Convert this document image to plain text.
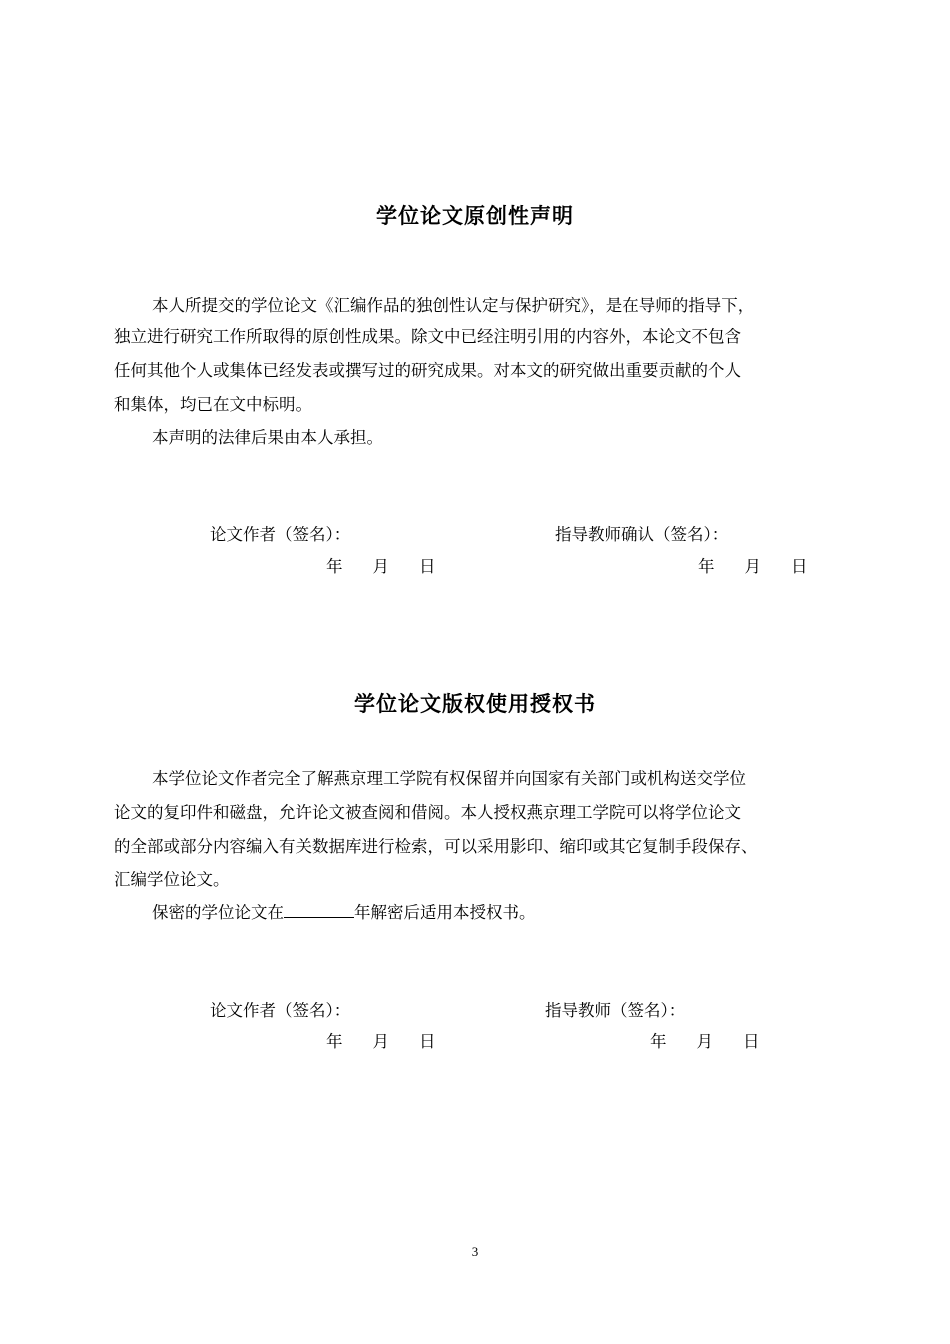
学位论文原创性声明
本人所提交的学位论文《汇编作品的独创性认定与保护研究》，是在导师的指导下，
独立进行研究工作所取得的原创性成果。除文中已经注明引用的内容外，本论文不包含
任何其他个人或集体已经发表或撰写过的研究成果。对本文的研究做出重要贡献的个人
和集体，均已在文中标明。
本声明的法律后果由本人承担。
论文作者（签名）：	指导教师确认（签名）：
年 月 日	年 月 日
学位论文版权使用授权书
本学位论文作者完全了解燕京理工学院有权保留并向国家有关部门或机构送交学位
论文的复印件和磁盘，允许论文被查阅和借阅。本人授权燕京理工学院可以将学位论文
的全部或部分内容编入有关数据库进行检索，可以采用影印、缩印或其它复制手段保存、
汇编学位论文。
保密的学位论文在	年解密后适用本授权书。
论文作者（签名）：	指导教师（签名）：
年 月 日	年 月 日
3
